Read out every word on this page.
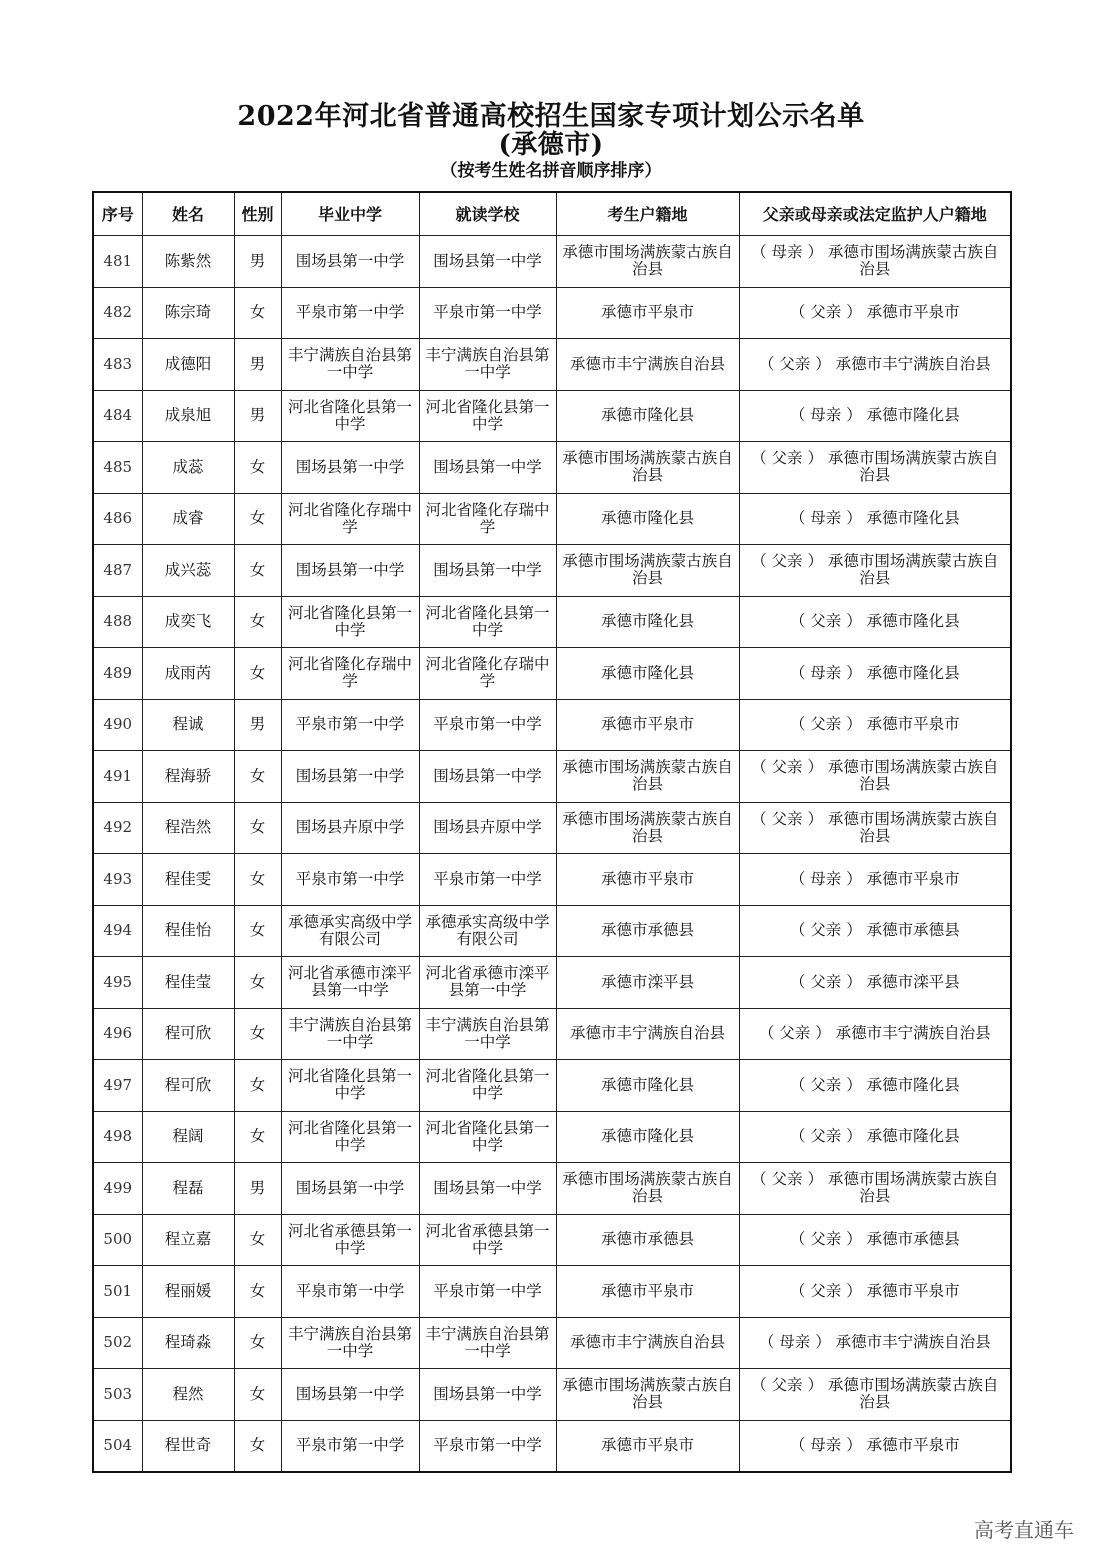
2022年河北省普通高校招生国家专项计划公示名单
(承德市)
（按考生姓名拼音顺序排序）
序号	姓名	性别	毕业中学	就读学校	考生户籍地	父亲或母亲或法定监护人户籍地
481	陈紫然	男	围场县第一中学	围场县第一中学	承德市围场满族蒙古族自治县	（ 母亲 ） 承德市围场满族蒙古族自治县
482	陈宗琦	女	平泉市第一中学	平泉市第一中学	承德市平泉市	（ 父亲 ） 承德市平泉市
483	成德阳	男	丰宁满族自治县第一中学	丰宁满族自治县第一中学	承德市丰宁满族自治县	（ 父亲 ） 承德市丰宁满族自治县
484	成泉旭	男	河北省隆化县第一中学	河北省隆化县第一中学	承德市隆化县	（ 母亲 ） 承德市隆化县
485	成蕊	女	围场县第一中学	围场县第一中学	承德市围场满族蒙古族自治县	（ 父亲 ） 承德市围场满族蒙古族自治县
486	成睿	女	河北省隆化存瑞中学	河北省隆化存瑞中学	承德市隆化县	（ 母亲 ） 承德市隆化县
487	成兴蕊	女	围场县第一中学	围场县第一中学	承德市围场满族蒙古族自治县	（ 父亲 ） 承德市围场满族蒙古族自治县
488	成奕飞	女	河北省隆化县第一中学	河北省隆化县第一中学	承德市隆化县	（ 父亲 ） 承德市隆化县
489	成雨芮	女	河北省隆化存瑞中学	河北省隆化存瑞中学	承德市隆化县	（ 母亲 ） 承德市隆化县
490	程诚	男	平泉市第一中学	平泉市第一中学	承德市平泉市	（ 父亲 ） 承德市平泉市
491	程海骄	女	围场县第一中学	围场县第一中学	承德市围场满族蒙古族自治县	（ 父亲 ） 承德市围场满族蒙古族自治县
492	程浩然	女	围场县卉原中学	围场县卉原中学	承德市围场满族蒙古族自治县	（ 父亲 ） 承德市围场满族蒙古族自治县
493	程佳雯	女	平泉市第一中学	平泉市第一中学	承德市平泉市	（ 母亲 ） 承德市平泉市
494	程佳怡	女	承德承实高级中学有限公司	承德承实高级中学有限公司	承德市承德县	（ 父亲 ） 承德市承德县
495	程佳莹	女	河北省承德市滦平县第一中学	河北省承德市滦平县第一中学	承德市滦平县	（ 父亲 ） 承德市滦平县
496	程可欣	女	丰宁满族自治县第一中学	丰宁满族自治县第一中学	承德市丰宁满族自治县	（ 父亲 ） 承德市丰宁满族自治县
497	程可欣	女	河北省隆化县第一中学	河北省隆化县第一中学	承德市隆化县	（ 父亲 ） 承德市隆化县
498	程阔	女	河北省隆化县第一中学	河北省隆化县第一中学	承德市隆化县	（ 父亲 ） 承德市隆化县
499	程磊	男	围场县第一中学	围场县第一中学	承德市围场满族蒙古族自治县	（ 父亲 ） 承德市围场满族蒙古族自治县
500	程立嘉	女	河北省承德县第一中学	河北省承德县第一中学	承德市承德县	（ 父亲 ） 承德市承德县
501	程丽媛	女	平泉市第一中学	平泉市第一中学	承德市平泉市	（ 父亲 ） 承德市平泉市
502	程琦淼	女	丰宁满族自治县第一中学	丰宁满族自治县第一中学	承德市丰宁满族自治县	（ 母亲 ） 承德市丰宁满族自治县
503	程然	女	围场县第一中学	围场县第一中学	承德市围场满族蒙古族自治县	（ 父亲 ） 承德市围场满族蒙古族自治县
504	程世奇	女	平泉市第一中学	平泉市第一中学	承德市平泉市	（ 母亲 ） 承德市平泉市
高考直通车
